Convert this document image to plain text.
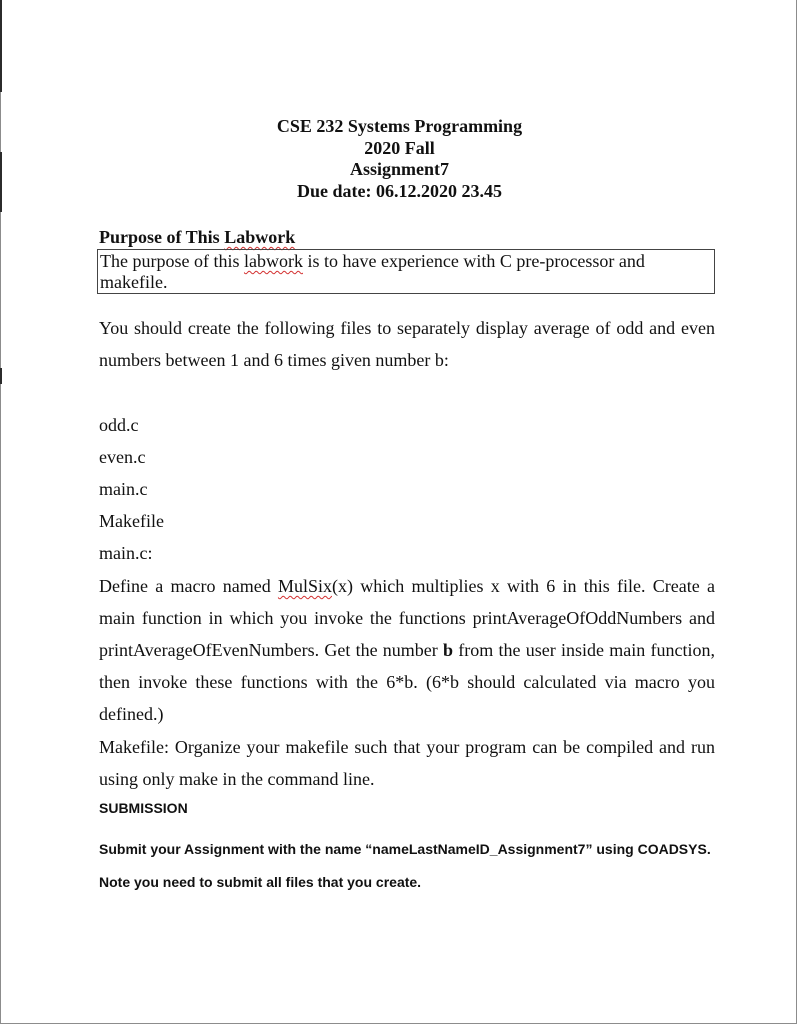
CSE 232 Systems Programming
2020 Fall
Assignment7
Due date: 06.12.2020 23.45
Purpose of This Labwork
The purpose of this labwork is to have experience with C pre-processor and makefile.
You should create the following files to separately display average of odd and even numbers between 1 and 6 times given number b:
odd.c
even.c
main.c
Makefile
main.c:
Define a macro named MulSix(x) which multiplies x with 6 in this file. Create a main function in which you invoke the functions printAverageOfOddNumbers and printAverageOfEvenNumbers. Get the number b from the user inside main function, then invoke these functions with the 6*b. (6*b should calculated via macro you defined.)
Makefile: Organize your makefile such that your program can be compiled and run using only make in the command line.
SUBMISSION
Submit your Assignment with the name “nameLastNameID_Assignment7” using COADSYS.
Note you need to submit all files that you create.
